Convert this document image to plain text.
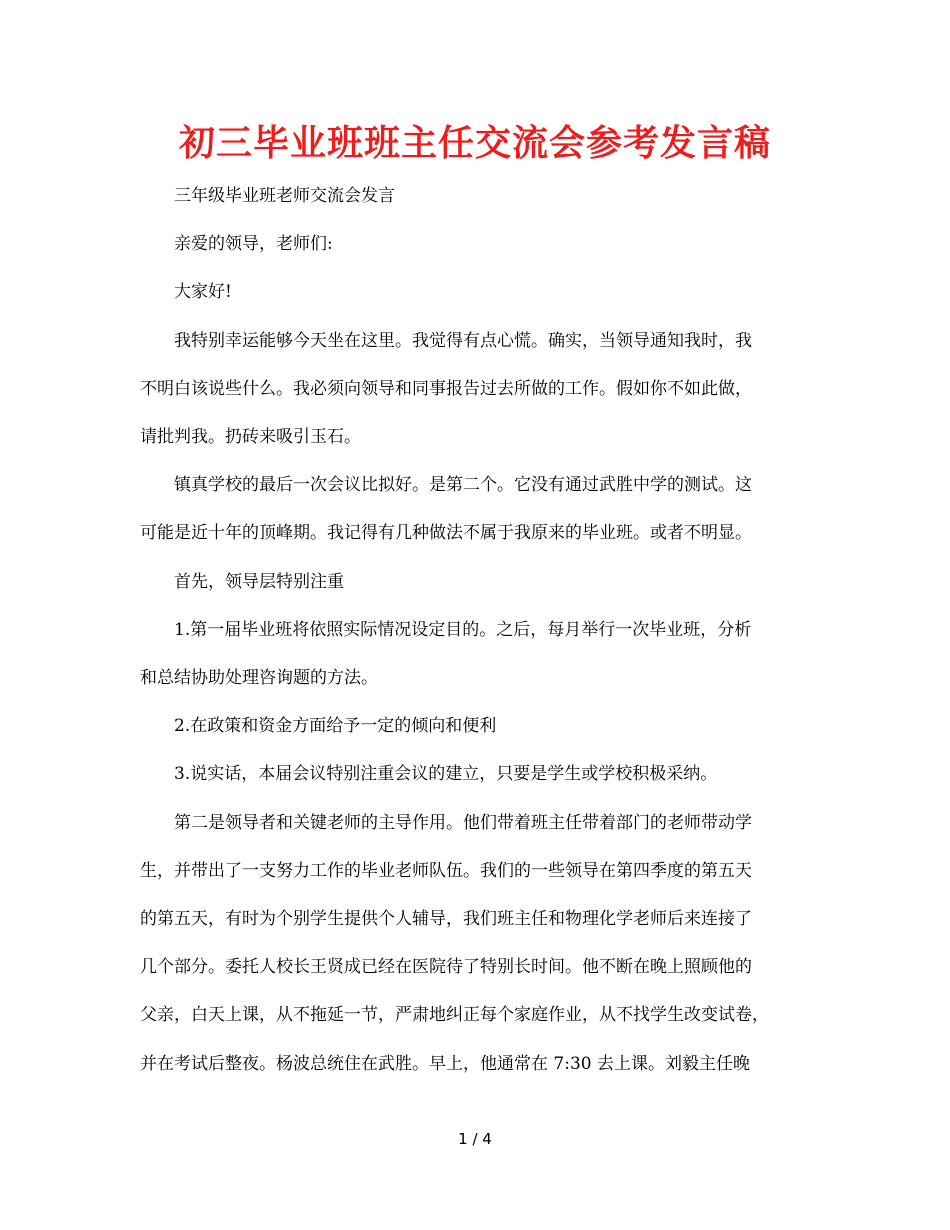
初三毕业班班主任交流会参考发言稿

三年级毕业班老师交流会发言

亲爱的领导，老师们:

大家好!

我特别幸运能够今天坐在这里。我觉得有点心慌。确实，当领导通知我时，我
不明白该说些什么。我必须向领导和同事报告过去所做的工作。假如你不如此做，
请批判我。扔砖来吸引玉石。

镇真学校的最后一次会议比拟好。是第二个。它没有通过武胜中学的测试。这
可能是近十年的顶峰期。我记得有几种做法不属于我原来的毕业班。或者不明显。

首先，领导层特别注重

1.第一届毕业班将依照实际情况设定目的。之后，每月举行一次毕业班，分析
和总结协助处理咨询题的方法。

2.在政策和资金方面给予一定的倾向和便利

3.说实话，本届会议特别注重会议的建立，只要是学生或学校积极采纳。

第二是领导者和关键老师的主导作用。他们带着班主任带着部门的老师带动学
生，并带出了一支努力工作的毕业老师队伍。我们的一些领导在第四季度的第五天
的第五天，有时为个别学生提供个人辅导，我们班主任和物理化学老师后来连接了
几个部分。委托人校长王贤成已经在医院待了特别长时间。他不断在晚上照顾他的
父亲，白天上课，从不拖延一节，严肃地纠正每个家庭作业，从不找学生改变试卷，
并在考试后整夜。杨波总统住在武胜。早上，他通常在 7:30 去上课。刘毅主任晚

1 / 4
